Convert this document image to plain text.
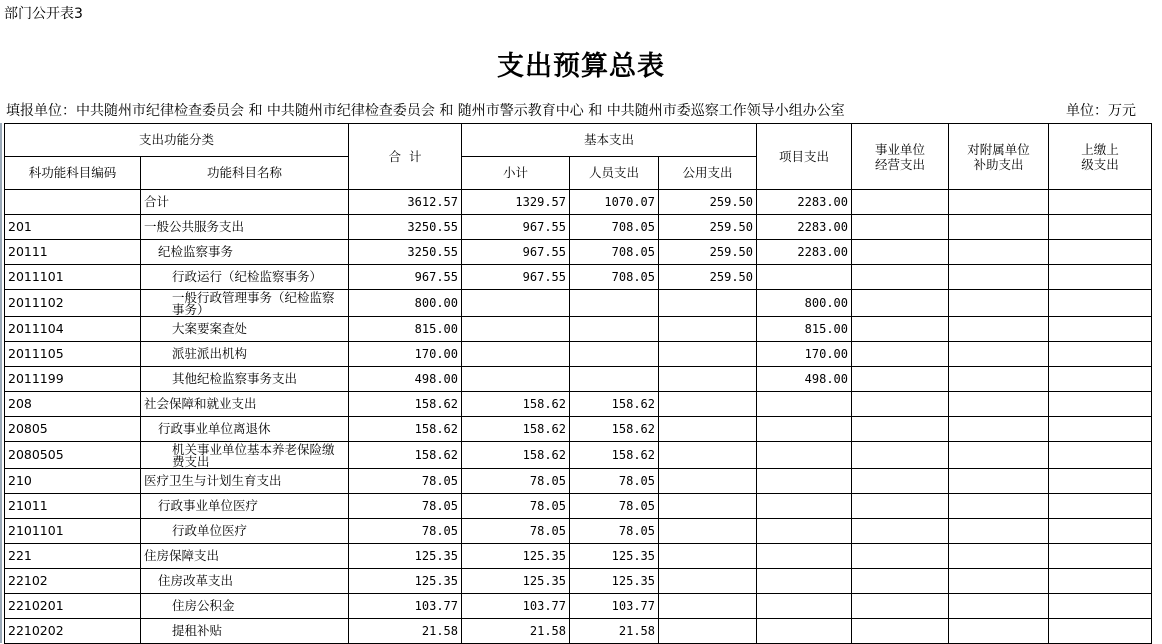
部门公开表3
支出预算总表
填报单位：中共随州市纪律检查委员会 和 中共随州市纪律检查委员会 和 随州市警示教育中心 和 中共随州市委巡察工作领导小组办公室	单位：万元
支出功能分类		合  计	基本支出			项目支出	事业单位经营支出	对附属单位补助支出	上缴上级支出
科功能科目编码	功能科目名称		小计	人员支出	公用支出				
	合计	3612.57	1329.57	1070.07	259.50	2283.00			
201	一般公共服务支出	3250.55	967.55	708.05	259.50	2283.00			
20111	纪检监察事务	3250.55	967.55	708.05	259.50	2283.00			
2011101	行政运行（纪检监察事务）	967.55	967.55	708.05	259.50				
2011102	一般行政管理事务（纪检监察事务）	800.00				800.00			
2011104	大案要案查处	815.00				815.00			
2011105	派驻派出机构	170.00				170.00			
2011199	其他纪检监察事务支出	498.00				498.00			
208	社会保障和就业支出	158.62	158.62	158.62					
20805	行政事业单位离退休	158.62	158.62	158.62					
2080505	机关事业单位基本养老保险缴费支出	158.62	158.62	158.62					
210	医疗卫生与计划生育支出	78.05	78.05	78.05					
21011	行政事业单位医疗	78.05	78.05	78.05					
2101101	行政单位医疗	78.05	78.05	78.05					
221	住房保障支出	125.35	125.35	125.35					
22102	住房改革支出	125.35	125.35	125.35					
2210201	住房公积金	103.77	103.77	103.77					
2210202	提租补贴	21.58	21.58	21.58					
